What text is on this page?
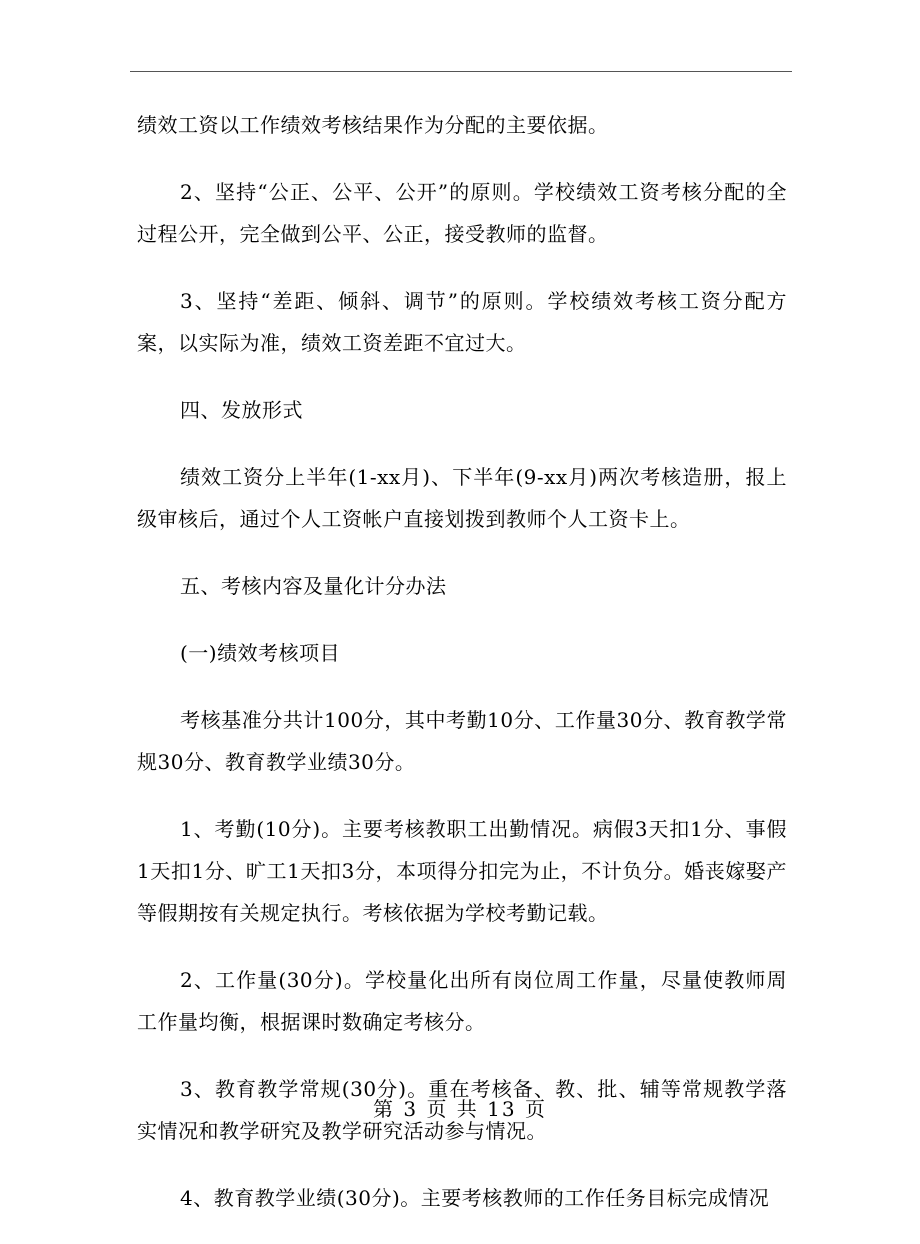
绩效工资以工作绩效考核结果作为分配的主要依据。

2、坚持“公正、公平、公开”的原则。学校绩效工资考核分配的全过程公开，完全做到公平、公正，接受教师的监督。

3、坚持“差距、倾斜、调节”的原则。学校绩效考核工资分配方案，以实际为准，绩效工资差距不宜过大。

四、发放形式

绩效工资分上半年(1-xx月)、下半年(9-xx月)两次考核造册，报上级审核后，通过个人工资帐户直接划拨到教师个人工资卡上。

五、考核内容及量化计分办法

(一)绩效考核项目

考核基准分共计100分，其中考勤10分、工作量30分、教育教学常规30分、教育教学业绩30分。

1、考勤(10分)。主要考核教职工出勤情况。病假3天扣1分、事假1天扣1分、旷工1天扣3分，本项得分扣完为止，不计负分。婚丧嫁娶产等假期按有关规定执行。考核依据为学校考勤记载。

2、工作量(30分)。学校量化出所有岗位周工作量，尽量使教师周工作量均衡，根据课时数确定考核分。

3、教育教学常规(30分)。重在考核备、教、批、辅等常规教学落实情况和教学研究及教学研究活动参与情况。

4、教育教学业绩(30分)。主要考核教师的工作任务目标完成情况

第 3 页 共 13 页
